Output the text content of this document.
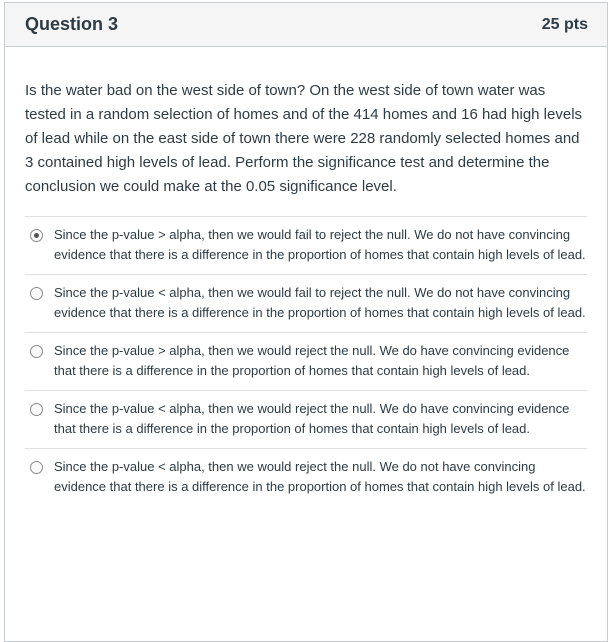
Question 3	25 pts

Is the water bad on the west side of town? On the west side of town water was tested in a random selection of homes and of the 414 homes and 16 had high levels of lead while on the east side of town there were 228 randomly selected homes and 3 contained high levels of lead. Perform the significance test and determine the conclusion we could make at the 0.05 significance level.

Since the p-value > alpha, then we would fail to reject the null. We do not have convincing evidence that there is a difference in the proportion of homes that contain high levels of lead.
Since the p-value < alpha, then we would fail to reject the null. We do not have convincing evidence that there is a difference in the proportion of homes that contain high levels of lead.
Since the p-value > alpha, then we would reject the null. We do have convincing evidence that there is a difference in the proportion of homes that contain high levels of lead.
Since the p-value < alpha, then we would reject the null. We do have convincing evidence that there is a difference in the proportion of homes that contain high levels of lead.
Since the p-value < alpha, then we would reject the null. We do not have convincing evidence that there is a difference in the proportion of homes that contain high levels of lead.
